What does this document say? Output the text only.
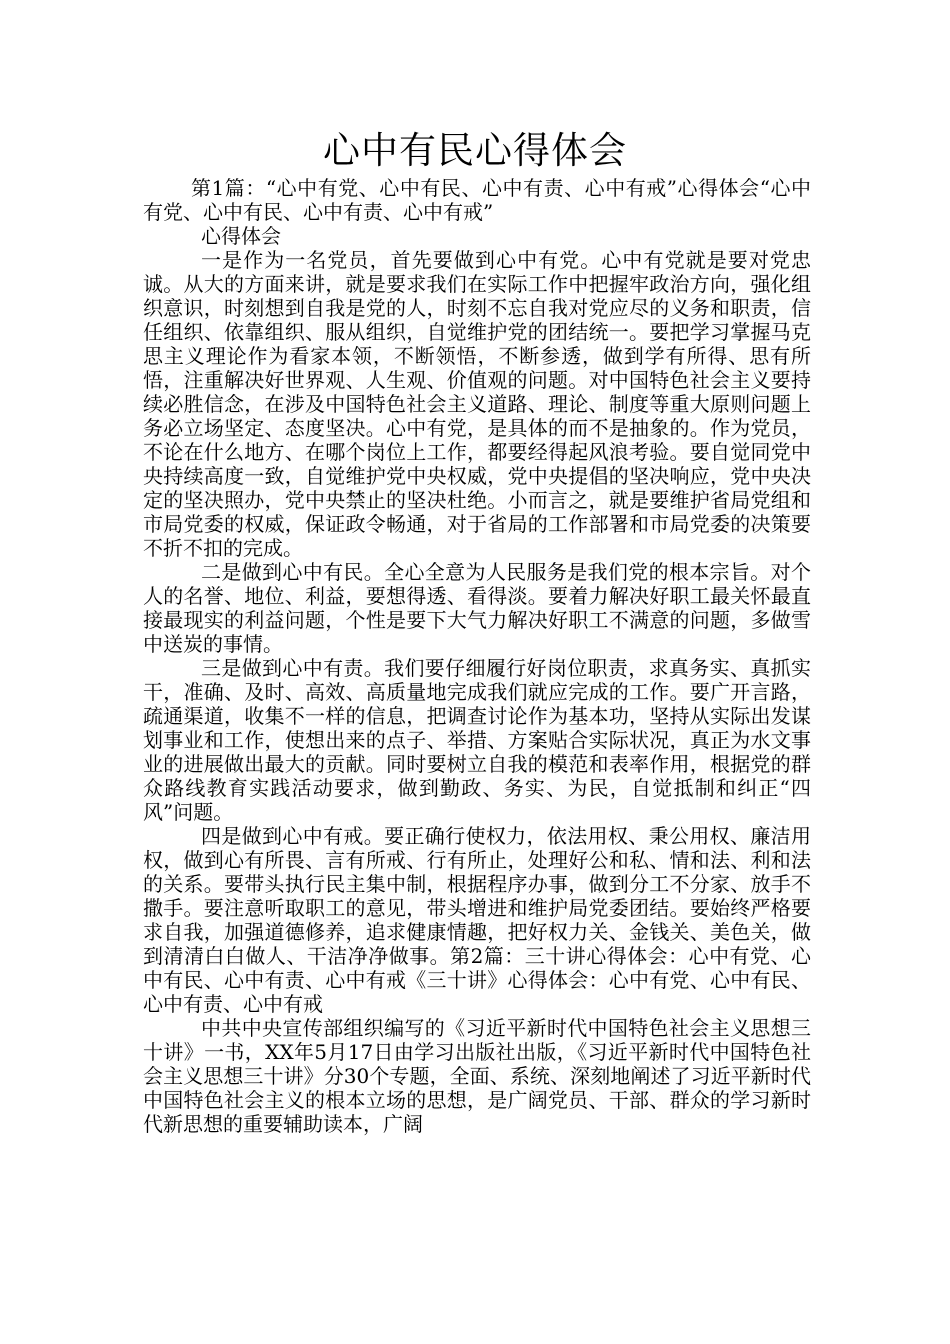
心中有民心得体会

第1篇：“心中有党、心中有民、心中有责、心中有戒”心得体会“心中有党、心中有民、心中有责、心中有戒”

心得体会

一是作为一名党员，首先要做到心中有党。心中有党就是要对党忠诚。从大的方面来讲，就是要求我们在实际工作中把握牢政治方向，强化组织意识，时刻想到自我是党的人，时刻不忘自我对党应尽的义务和职责，信任组织、依靠组织、服从组织，自觉维护党的团结统一。要把学习掌握马克思主义理论作为看家本领，不断领悟，不断参透，做到学有所得、思有所悟，注重解决好世界观、人生观、价值观的问题。对中国特色社会主义要持续必胜信念，在涉及中国特色社会主义道路、理论、制度等重大原则问题上务必立场坚定、态度坚决。心中有党，是具体的而不是抽象的。作为党员，不论在什么地方、在哪个岗位上工作，都要经得起风浪考验。要自觉同党中央持续高度一致，自觉维护党中央权威，党中央提倡的坚决响应，党中央决定的坚决照办，党中央禁止的坚决杜绝。小而言之，就是要维护省局党组和市局党委的权威，保证政令畅通，对于省局的工作部署和市局党委的决策要不折不扣的完成。

二是做到心中有民。全心全意为人民服务是我们党的根本宗旨。对个人的名誉、地位、利益，要想得透、看得淡。要着力解决好职工最关怀最直接最现实的利益问题，个性是要下大气力解决好职工不满意的问题，多做雪中送炭的事情。

三是做到心中有责。我们要仔细履行好岗位职责，求真务实、真抓实干，准确、及时、高效、高质量地完成我们就应完成的工作。要广开言路，疏通渠道，收集不一样的信息，把调查讨论作为基本功，坚持从实际出发谋划事业和工作，使想出来的点子、举措、方案贴合实际状况，真正为水文事业的进展做出最大的贡献。同时要树立自我的模范和表率作用，根据党的群众路线教育实践活动要求，做到勤政、务实、为民，自觉抵制和纠正“四风”问题。

四是做到心中有戒。要正确行使权力，依法用权、秉公用权、廉洁用权，做到心有所畏、言有所戒、行有所止，处理好公和私、情和法、利和法的关系。要带头执行民主集中制，根据程序办事，做到分工不分家、放手不撒手。要注意听取职工的意见，带头增进和维护局党委团结。要始终严格要求自我，加强道德修养，追求健康情趣，把好权力关、金钱关、美色关，做到清清白白做人、干洁净净做事。第2篇：三十讲心得体会：心中有党、心中有民、心中有责、心中有戒《三十讲》心得体会：心中有党、心中有民、心中有责、心中有戒

中共中央宣传部组织编写的《习近平新时代中国特色社会主义思想三十讲》一书，XX年5月17日由学习出版社出版，《习近平新时代中国特色社会主义思想三十讲》分30个专题，全面、系统、深刻地阐述了习近平新时代中国特色社会主义的根本立场的思想，是广阔党员、干部、群众的学习新时代新思想的重要辅助读本，广阔
